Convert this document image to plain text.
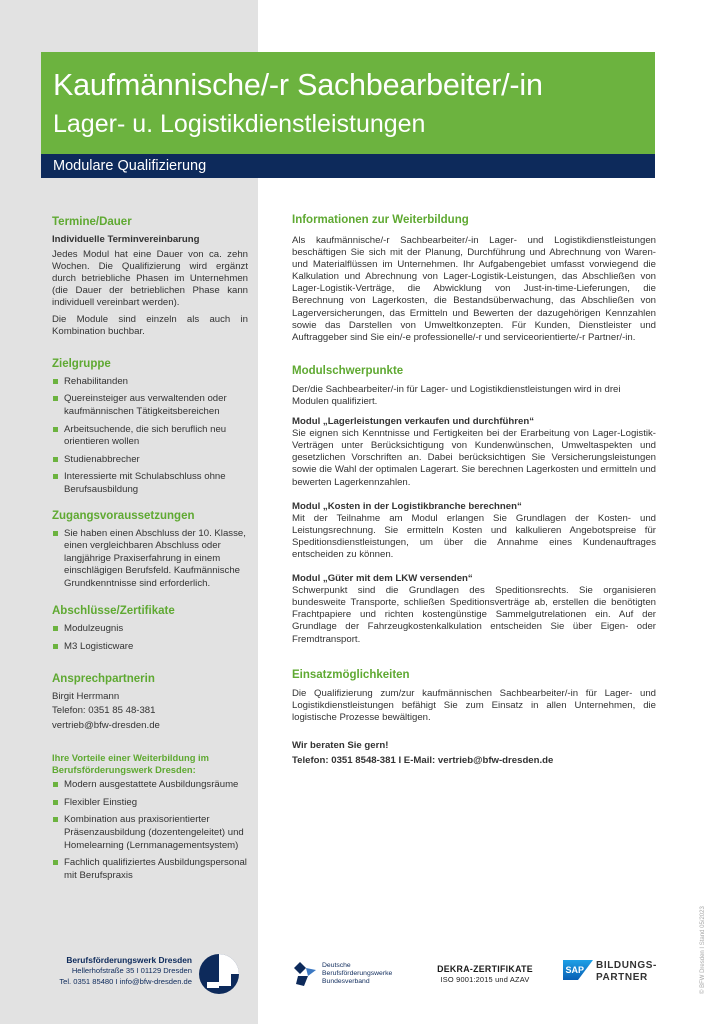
Kaufmännische/-r Sachbearbeiter/-in
Lager- u. Logistikdienstleistungen
Modulare Qualifizierung
Termine/Dauer
Individuelle Terminvereinbarung
Jedes Modul hat eine Dauer von ca. zehn Wochen. Die Qualifizierung wird ergänzt durch betriebliche Phasen im Unternehmen (die Dauer der betrieblichen Phase kann individuell vereinbart werden).
Die Module sind einzeln als auch in Kombination buchbar.
Zielgruppe
Rehabilitanden
Quereinsteiger aus verwaltenden oder kaufmännischen Tätigkeitsbereichen
Arbeitsuchende, die sich beruflich neu orientieren wollen
Studienabbrecher
Interessierte mit Schulabschluss ohne Berufsausbildung
Zugangsvoraussetzungen
Sie haben einen Abschluss der 10. Klasse, einen vergleichbaren Abschluss oder langjährige Praxiserfahrung in einem einschlägigen Berufsfeld. Kaufmännische Grundkenntnisse sind erforderlich.
Abschlüsse/Zertifikate
Modulzeugnis
M3 Logisticware
Ansprechpartnerin
Birgit Herrmann
Telefon: 0351 85 48-381
vertrieb@bfw-dresden.de
Ihre Vorteile einer Weiterbildung im Berufsförderungswerk Dresden:
Modern ausgestattete Ausbildungsräume
Flexibler Einstieg
Kombination aus praxisorientierter Präsenzausbildung (dozentengeleitet) und Homelearning (Lernmanagementsystem)
Fachlich qualifiziertes Ausbildungspersonal mit Berufspraxis
Informationen zur Weiterbildung
Als kaufmännische/-r Sachbearbeiter/-in Lager- und Logistikdienstleistungen beschäftigen Sie sich mit der Planung, Durchführung und Abrechnung von Waren- und Materialflüssen im Unternehmen. Ihr Aufgabengebiet umfasst vorwiegend die Kalkulation und Abrechnung von Lager-Logistik-Leistungen, das Abschließen von Lager-Logistik-Verträge, die Abwicklung von Just-in-time-Lieferungen, die Berechnung von Lagerkosten, die Bestandsüberwachung, das Abschließen von Lagerversicherungen, das Ermitteln und Bewerten der dazugehörigen Kennzahlen sowie das Darstellen von Umweltkonzepten. Für Kunden, Dienstleister und Auftraggeber sind Sie ein/-e professionelle/-r und serviceorientierte/-r Partner/-in.
Modulschwerpunkte
Der/die Sachbearbeiter/-in für Lager- und Logistikdienstleistungen wird in drei Modulen qualifiziert.
Modul „Lagerleistungen verkaufen und durchführen“
Sie eignen sich Kenntnisse und Fertigkeiten bei der Erarbeitung von Lager-Logistik-Verträgen unter Berücksichtigung von Kundenwünschen, Umweltaspekten und gesetzlichen Vorschriften an. Dabei berücksichtigen Sie Versicherungsleistungen sowie die Wahl der optimalen Lagerart. Sie berechnen Lagerkosten und ermitteln und bewerten Lagerkennzahlen.
Modul „Kosten in der Logistikbranche berechnen“
Mit der Teilnahme am Modul erlangen Sie Grundlagen der Kosten- und Leistungsrechnung. Sie ermitteln Kosten und kalkulieren Angebotspreise für Speditionsdienstleistungen, um über die Annahme eines Kundenauftrages entscheiden zu können.
Modul „Güter mit dem LKW versenden“
Schwerpunkt sind die Grundlagen des Speditionsrechts. Sie organisieren bundesweite Transporte, schließen Speditionsverträge ab, erstellen die benötigten Frachtpapiere und richten kostengünstige Sammelgutrelationen ein. Auf der Grundlage der Fahrzeugkostenkalkulation entscheiden Sie über Eigen- oder Fremdtransport.
Einsatzmöglichkeiten
Die Qualifizierung zum/zur kaufmännischen Sachbearbeiter/-in für Lager- und Logistikdienstleistungen befähigt Sie zum Einsatz in allen Unternehmen, die logistische Prozesse bewältigen.
Wir beraten Sie gern!
Telefon: 0351 8548-381 I E-Mail: vertrieb@bfw-dresden.de
Berufsförderungswerk Dresden
Hellerhofstraße 35 I 01129 Dresden
Tel. 0351 85480 I info@bfw-dresden.de
Deutsche
Berufsförderungswerke
Bundesverband
DEKRA-ZERTIFIKATE
ISO 9001:2015 und AZAV
SAP BILDUNGS-
PARTNER	© BFW Dresden I Stand 05/2023
